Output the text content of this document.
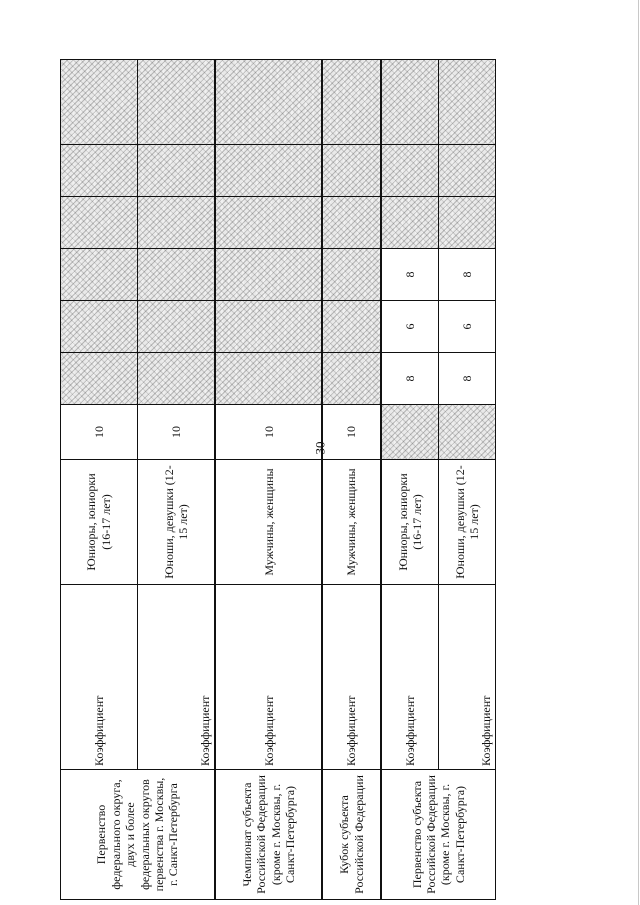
30
Первенство федерального округа, двух и более федеральных округов первенства г. Москвы, г. Санкт-Петербурга	Коэффициент	Юниоры, юниорки (16-17 лет)	10						
	Коэффициент	Юноши, девушки (12-15 лет)	10						
Чемпионат субъекта Российской Федерации (кроме г. Москвы, г. Санкт-Петербурга)	Коэффициент	Мужчины, женщины	10						
Кубок субъекта Российской Федерации	Коэффициент	Мужчины, женщины	10						
Первенство субъекта Российской Федерации (кроме г. Москвы, г. Санкт-Петербурга)	Коэффициент	Юниоры, юниорки (16-17 лет)		8	6	8			
	Коэффициент	Юноши, девушки (12-15 лет)		8	6	8			
